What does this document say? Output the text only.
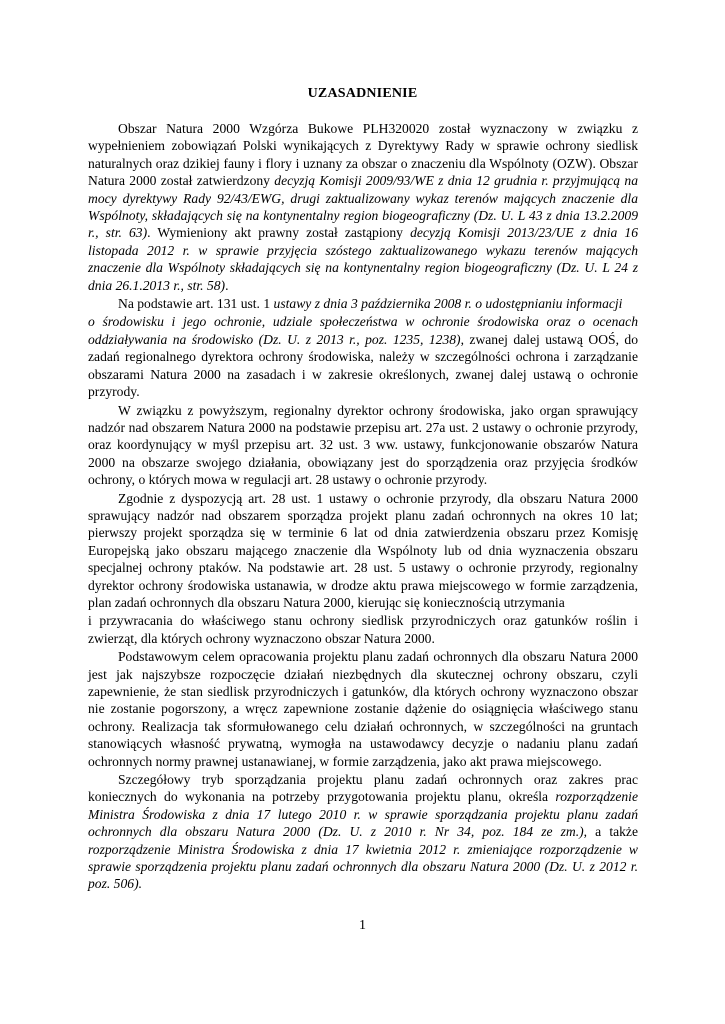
UZASADNIENIE

Obszar Natura 2000 Wzgórza Bukowe PLH320020 został wyznaczony w związku z wypełnieniem zobowiązań Polski wynikających z Dyrektywy Rady w sprawie ochrony siedlisk naturalnych oraz dzikiej fauny i flory i uznany za obszar o znaczeniu dla Wspólnoty (OZW). Obszar Natura 2000 został zatwierdzony decyzją Komisji 2009/93/WE z dnia 12 grudnia r. przyjmującą na mocy dyrektywy Rady 92/43/EWG, drugi zaktualizowany wykaz terenów mających znaczenie dla Wspólnoty, składających się na kontynentalny region biogeograficzny (Dz. U. L 43 z dnia 13.2.2009 r., str. 63). Wymieniony akt prawny został zastąpiony decyzją Komisji 2013/23/UE z dnia 16 listopada 2012 r. w sprawie przyjęcia szóstego zaktualizowanego wykazu terenów mających znaczenie dla Wspólnoty składających się na kontynentalny region biogeograficzny (Dz. U. L 24 z dnia 26.1.2013 r., str. 58).

Na podstawie art. 131 ust. 1 ustawy z dnia 3 października 2008 r. o udostępnianiu informacji

o środowisku i jego ochronie, udziale społeczeństwa w ochronie środowiska oraz o ocenach oddziaływania na środowisko (Dz. U. z 2013 r., poz. 1235, 1238), zwanej dalej ustawą OOŚ, do zadań regionalnego dyrektora ochrony środowiska, należy w szczególności ochrona i zarządzanie obszarami Natura 2000 na zasadach i w zakresie określonych, zwanej dalej ustawą o ochronie przyrody.

W związku z powyższym, regionalny dyrektor ochrony środowiska, jako organ sprawujący nadzór nad obszarem Natura 2000 na podstawie przepisu art. 27a ust. 2 ustawy o ochronie przyrody, oraz koordynujący w myśl przepisu art. 32 ust. 3 ww. ustawy, funkcjonowanie obszarów Natura 2000 na obszarze swojego działania, obowiązany jest do sporządzenia oraz przyjęcia środków ochrony, o których mowa w regulacji art. 28 ustawy o ochronie przyrody.

Zgodnie z dyspozycją art. 28 ust. 1 ustawy o ochronie przyrody, dla obszaru Natura 2000 sprawujący nadzór nad obszarem sporządza projekt planu zadań ochronnych na okres 10 lat; pierwszy projekt sporządza się w terminie 6 lat od dnia zatwierdzenia obszaru przez Komisję Europejską jako obszaru mającego znaczenie dla Wspólnoty lub od dnia wyznaczenia obszaru specjalnej ochrony ptaków. Na podstawie art. 28 ust. 5 ustawy o ochronie przyrody, regionalny dyrektor ochrony środowiska ustanawia, w drodze aktu prawa miejscowego w formie zarządzenia, plan zadań ochronnych dla obszaru Natura 2000, kierując się koniecznością utrzymania

i przywracania do właściwego stanu ochrony siedlisk przyrodniczych oraz gatunków roślin i zwierząt, dla których ochrony wyznaczono obszar Natura 2000.

Podstawowym celem opracowania projektu planu zadań ochronnych dla obszaru Natura 2000 jest jak najszybsze rozpoczęcie działań niezbędnych dla skutecznej ochrony obszaru, czyli zapewnienie, że stan siedlisk przyrodniczych i gatunków, dla których ochrony wyznaczono obszar nie zostanie pogorszony, a wręcz zapewnione zostanie dążenie do osiągnięcia właściwego stanu ochrony. Realizacja tak sformułowanego celu działań ochronnych, w szczególności na gruntach stanowiących własność prywatną, wymogła na ustawodawcy decyzje o nadaniu planu zadań ochronnych normy prawnej ustanawianej, w formie zarządzenia, jako akt prawa miejscowego.

Szczegółowy tryb sporządzania projektu planu zadań ochronnych oraz zakres prac koniecznych do wykonania na potrzeby przygotowania projektu planu, określa rozporządzenie Ministra Środowiska z dnia 17 lutego 2010 r. w sprawie sporządzania projektu planu zadań ochronnych dla obszaru Natura 2000 (Dz. U. z 2010 r. Nr 34, poz. 184 ze zm.), a także rozporządzenie Ministra Środowiska z dnia 17 kwietnia 2012 r. zmieniające rozporządzenie w sprawie sporządzenia projektu planu zadań ochronnych dla obszaru Natura 2000 (Dz. U. z 2012 r. poz. 506).

1
